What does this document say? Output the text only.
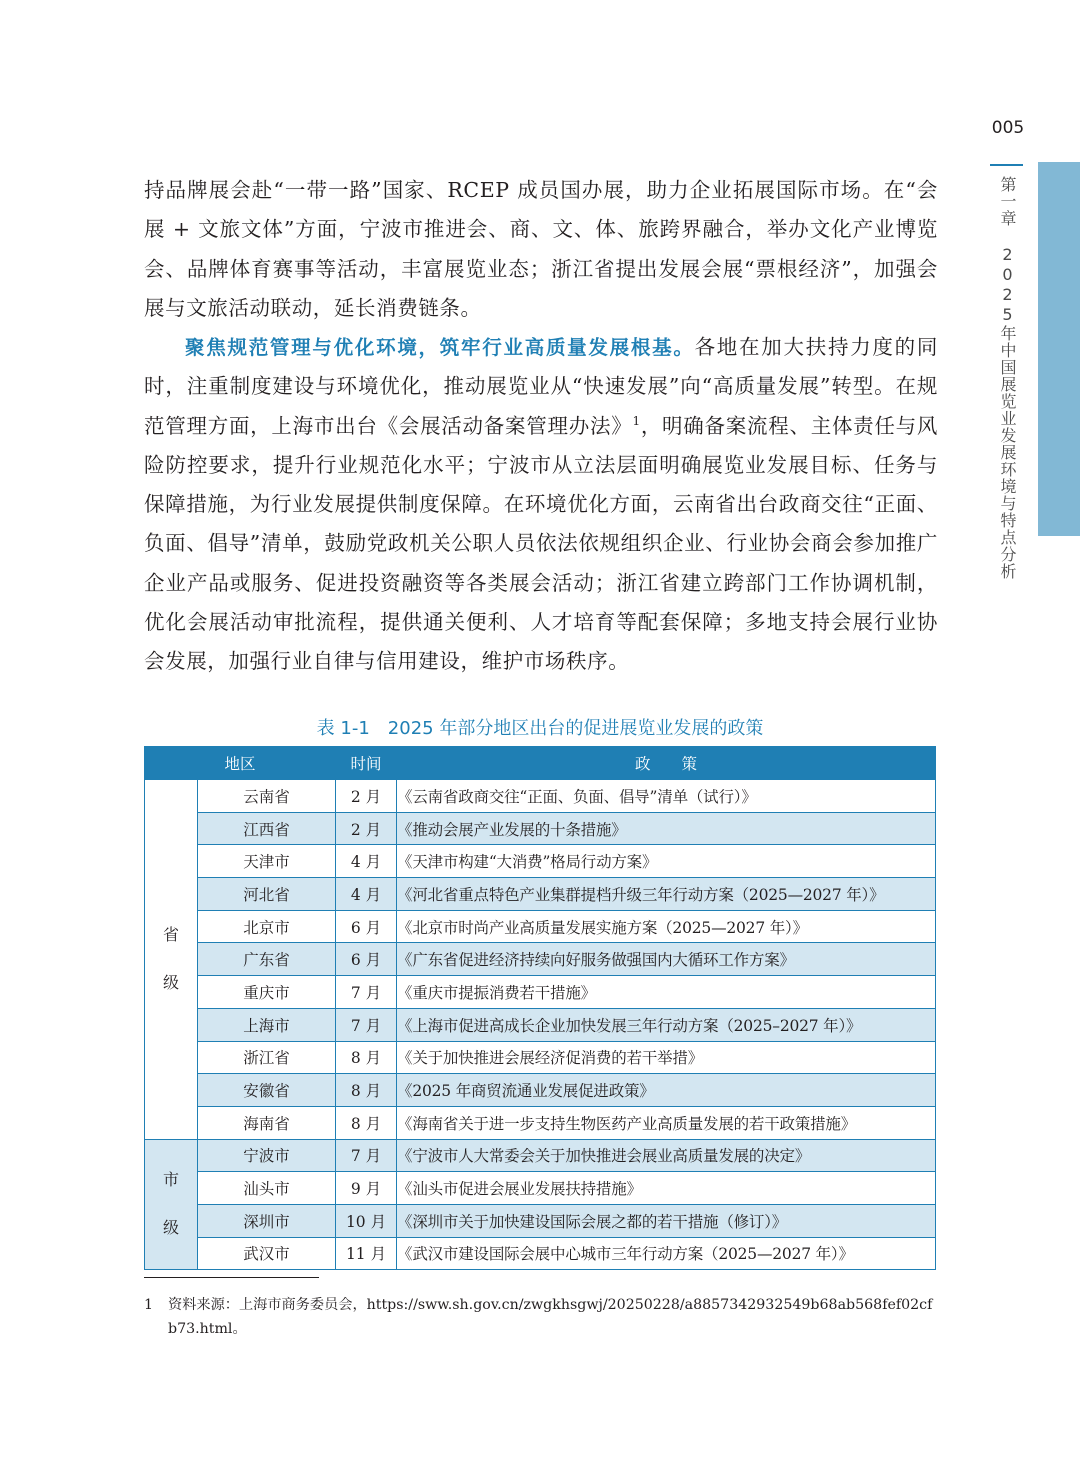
005
第一章2025年中国展览业发展环境与特点分析

持品牌展会赴“一带一路”国家、RCEP 成员国办展，助力企业拓展国际市场。在“会展 + 文旅文体”方面，宁波市推进会、商、文、体、旅跨界融合，举办文化产业博览会、品牌体育赛事等活动，丰富展览业态；浙江省提出发展会展“票根经济”，加强会展与文旅活动联动，延长消费链条。

聚焦规范管理与优化环境，筑牢行业高质量发展根基。各地在加大扶持力度的同时，注重制度建设与环境优化，推动展览业从“快速发展”向“高质量发展”转型。在规范管理方面，上海市出台《会展活动备案管理办法》$^1$，明确备案流程、主体责任与风险防控要求，提升行业规范化水平；宁波市从立法层面明确展览业发展目标、任务与保障措施，为行业发展提供制度保障。在环境优化方面，云南省出台政商交往“正面、负面、倡导”清单，鼓励党政机关公职人员依法依规组织企业、行业协会商会参加推广企业产品或服务、促进投资融资等各类展会活动；浙江省建立跨部门工作协调机制，优化会展活动审批流程，提供通关便利、人才培育等配套保障；多地支持会展行业协会发展，加强行业自律与信用建设，维护市场秩序。

表 1-1　2025 年部分地区出台的促进展览业发展的政策
地区		时间	政　　策
省级	云南省	2 月	《云南省政商交往“正面、负面、倡导”清单（试行）》
	江西省	2 月	《推动会展产业发展的十条措施》
	天津市	4 月	《天津市构建“大消费”格局行动方案》
	河北省	4 月	《河北省重点特色产业集群提档升级三年行动方案（2025—2027 年）》
	北京市	6 月	《北京市时尚产业高质量发展实施方案（2025—2027 年）》
	广东省	6 月	《广东省促进经济持续向好服务做强国内大循环工作方案》
	重庆市	7 月	《重庆市提振消费若干措施》
	上海市	7 月	《上海市促进高成长企业加快发展三年行动方案（2025–2027 年）》
	浙江省	8 月	《关于加快推进会展经济促消费的若干举措》
	安徽省	8 月	《2025 年商贸流通业发展促进政策》
	海南省	8 月	《海南省关于进一步支持生物医药产业高质量发展的若干政策措施》
市级	宁波市	7 月	《宁波市人大常委会关于加快推进会展业高质量发展的决定》
	汕头市	9 月	《汕头市促进会展业发展扶持措施》
	深圳市	10 月	《深圳市关于加快建设国际会展之都的若干措施（修订）》
	武汉市	11 月	《武汉市建设国际会展中心城市三年行动方案（2025—2027 年）》

1 资料来源：上海市商务委员会，https://sww.sh.gov.cn/zwgkhsgwj/20250228/a8857342932549b68ab568fef02cfb73.html。
